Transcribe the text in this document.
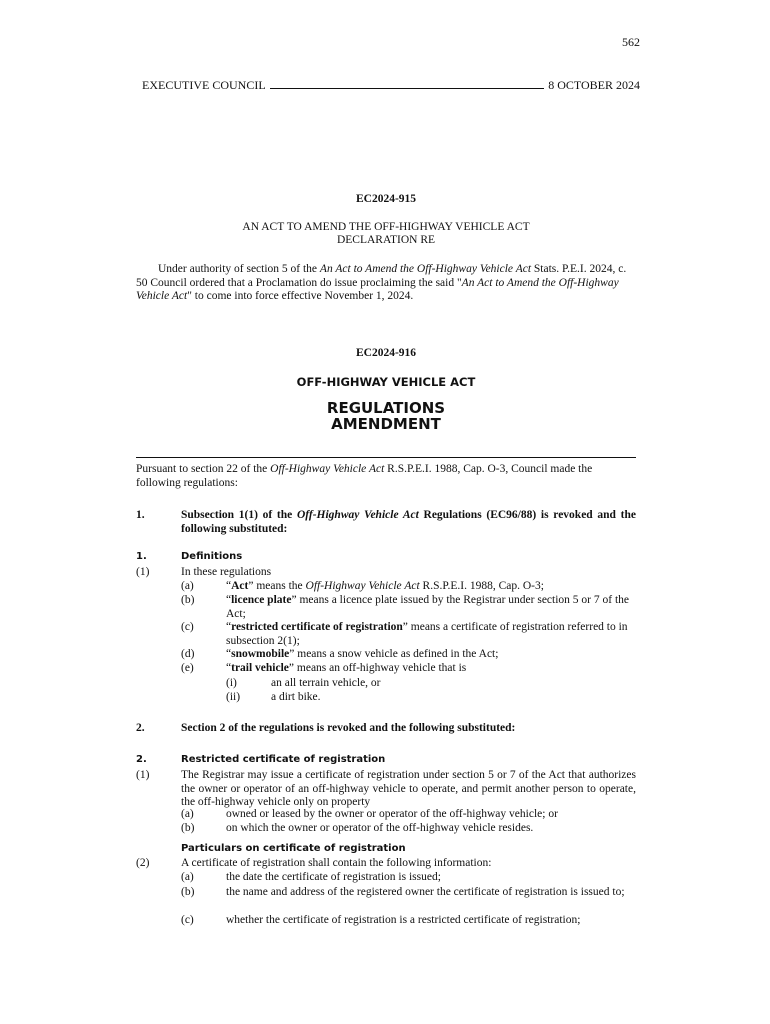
562
EXECUTIVE COUNCIL	8 OCTOBER 2024
EC2024-915
AN ACT TO AMEND THE OFF-HIGHWAY VEHICLE ACT
DECLARATION RE
Under authority of section 5 of the An Act to Amend the Off-Highway Vehicle Act Stats. P.E.I. 2024, c. 50 Council ordered that a Proclamation do issue proclaiming the said "An Act to Amend the Off-Highway Vehicle Act" to come into force effective November 1, 2024.
EC2024-916
OFF-HIGHWAY VEHICLE ACT
REGULATIONS
AMENDMENT
Pursuant to section 22 of the Off-Highway Vehicle Act R.S.P.E.I. 1988, Cap. O-3, Council made the following regulations:
1.	Subsection 1(1) of the Off-Highway Vehicle Act Regulations (EC96/88) is revoked and the following substituted:
1.	Definitions
(1)	In these regulations
(a)	“Act” means the Off-Highway Vehicle Act R.S.P.E.I. 1988, Cap. O-3;
(b)	“licence plate” means a licence plate issued by the Registrar under section 5 or 7 of the Act;
(c)	“restricted certificate of registration” means a certificate of registration referred to in subsection 2(1);
(d)	“snowmobile” means a snow vehicle as defined in the Act;
(e)	“trail vehicle” means an off-highway vehicle that is
(i)	an all terrain vehicle, or
(ii)	a dirt bike.
2.	Section 2 of the regulations is revoked and the following substituted:
2.	Restricted certificate of registration
(1)	The Registrar may issue a certificate of registration under section 5 or 7 of the Act that authorizes the owner or operator of an off-highway vehicle to operate, and permit another person to operate, the off-highway vehicle only on property
(a)	owned or leased by the owner or operator of the off-highway vehicle; or
(b)	on which the owner or operator of the off-highway vehicle resides.
Particulars on certificate of registration
(2)	A certificate of registration shall contain the following information:
(a)	the date the certificate of registration is issued;
(b)	the name and address of the registered owner the certificate of registration is issued to;
(c)	whether the certificate of registration is a restricted certificate of registration;
